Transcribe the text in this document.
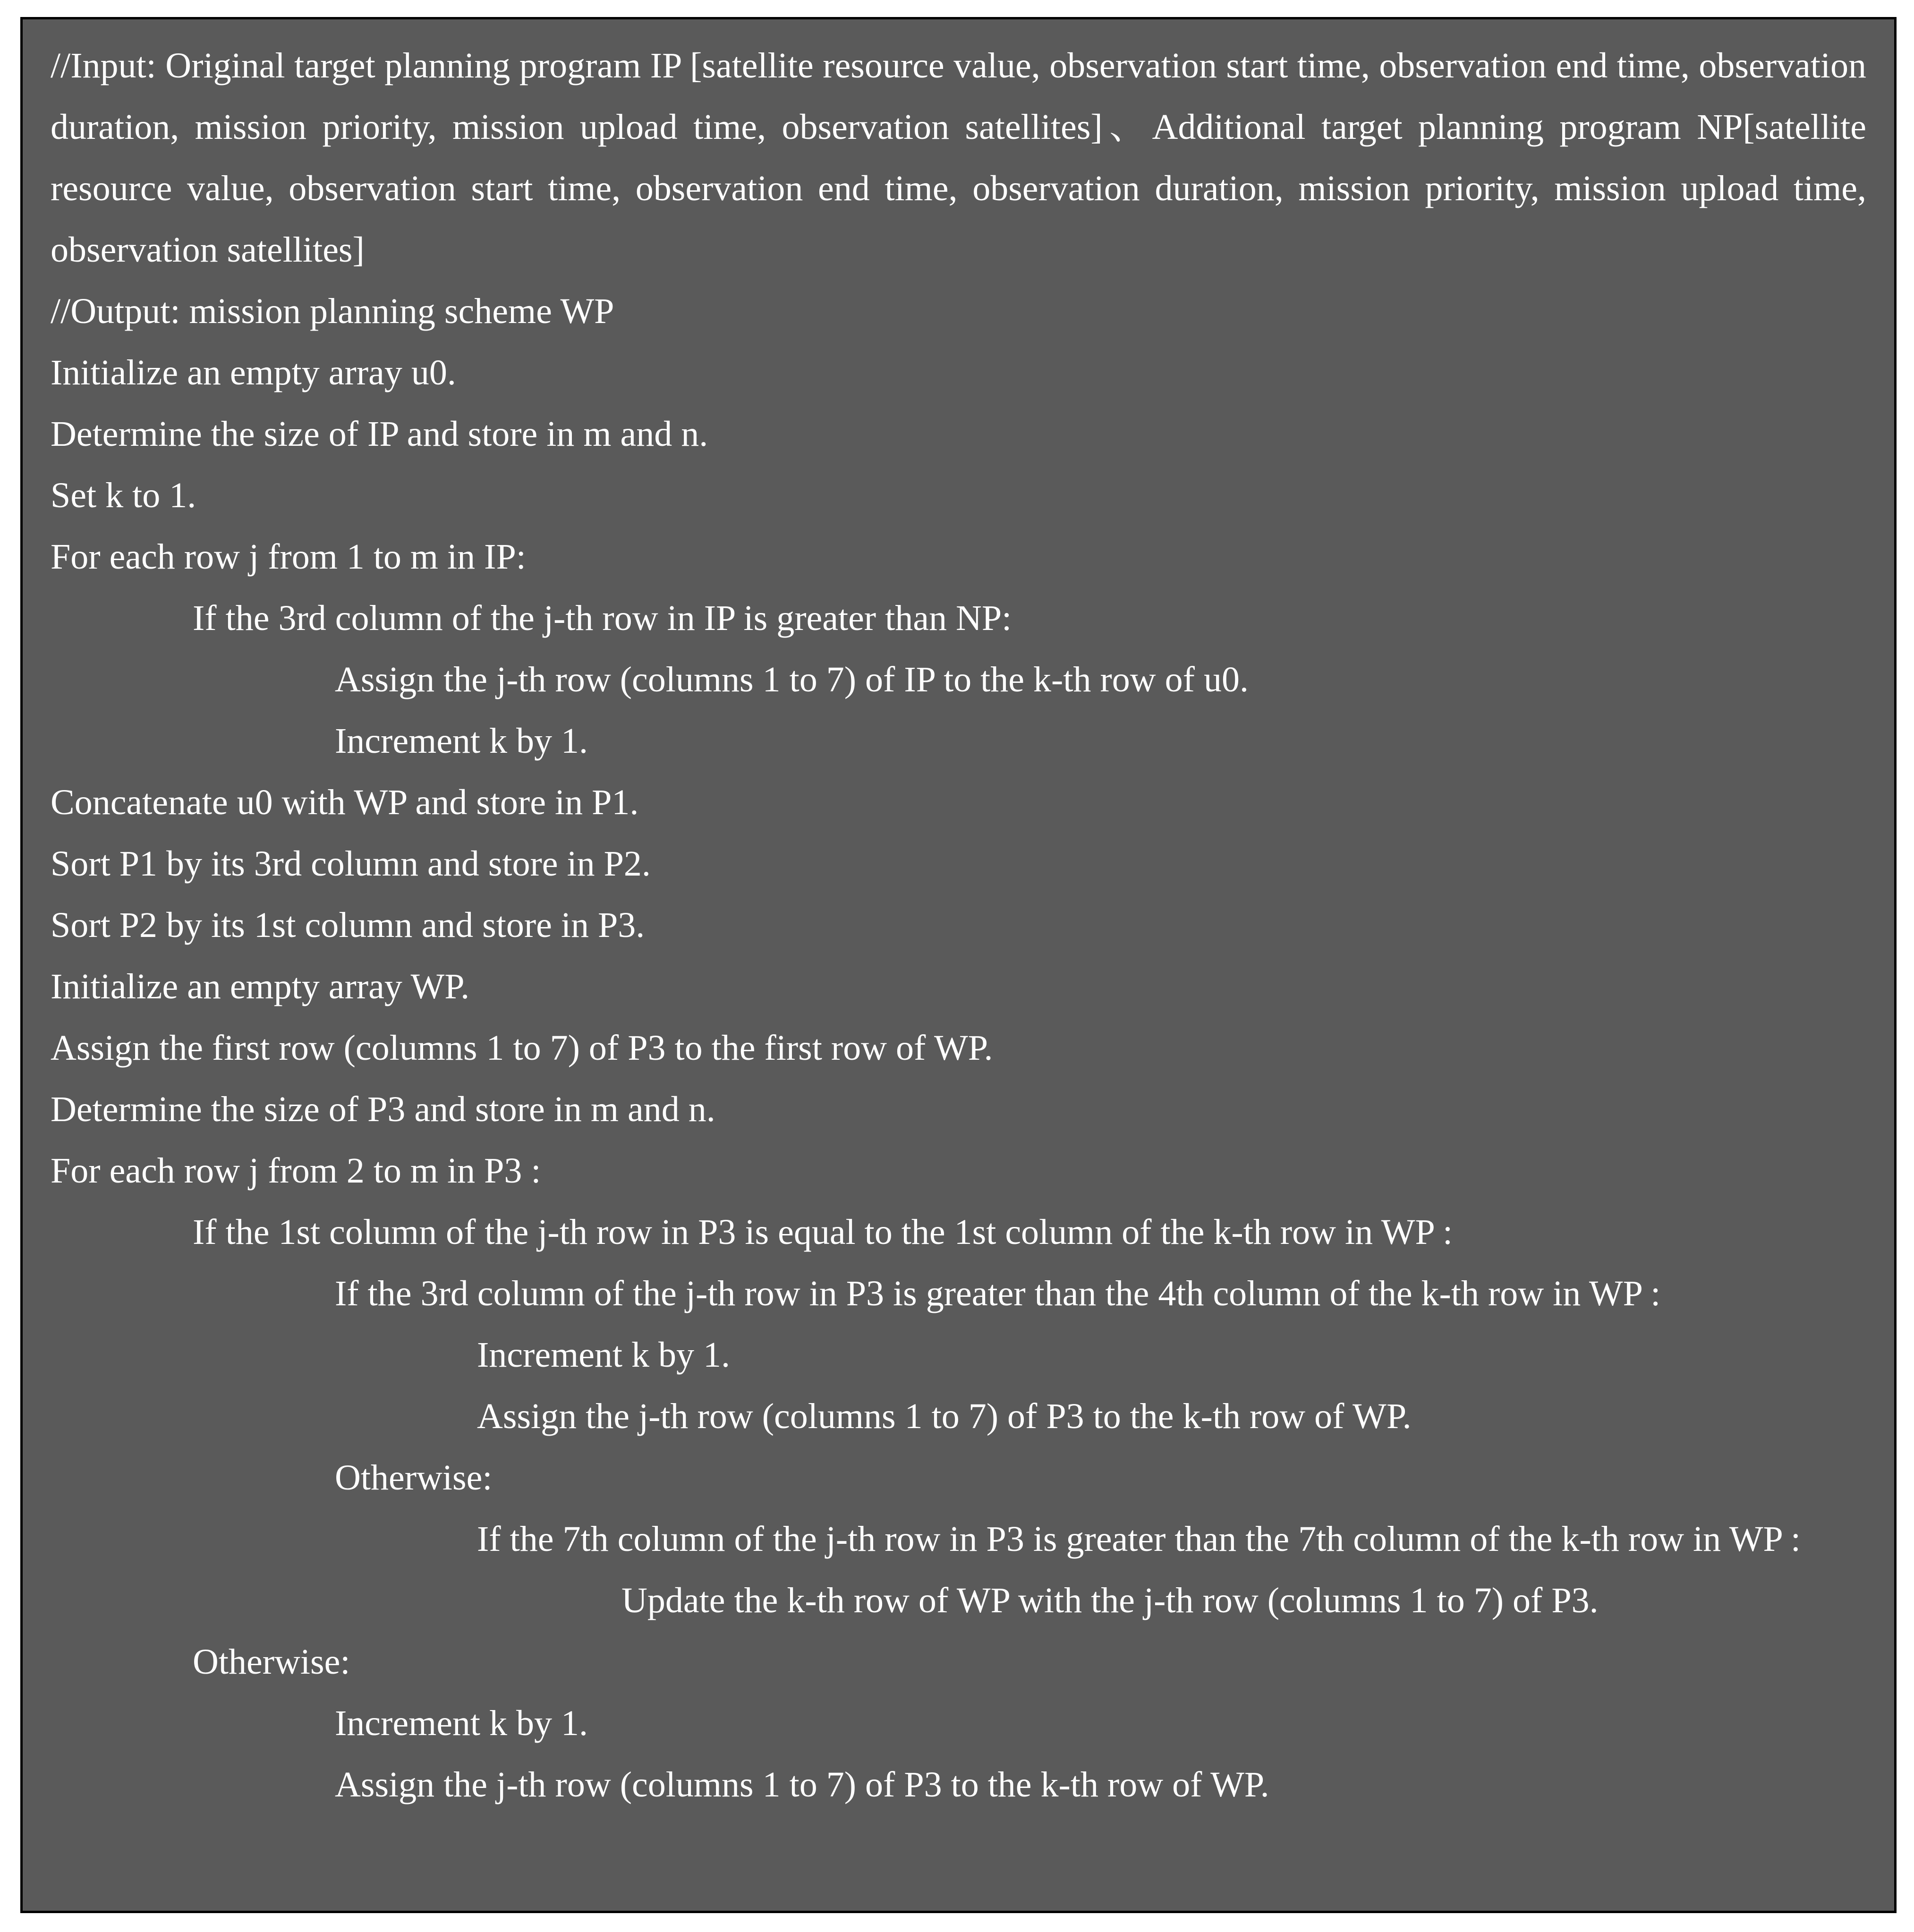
//Input: Original target planning program IP [satellite resource value, observation start time, observation end time, observation duration, mission priority, mission upload time, observation satellites]、Additional target planning program NP[satellite resource value, observation start time, observation end time, observation duration, mission priority, mission upload time, observation satellites]

//Output: mission planning scheme WP

Initialize an empty array u0.

Determine the size of IP and store in m and n.

Set k to 1.

For each row j from 1 to m in IP:

If the 3rd column of the j-th row in IP is greater than NP:

Assign the j-th row (columns 1 to 7) of IP to the k-th row of u0.

Increment k by 1.

Concatenate u0 with WP and store in P1.

Sort P1 by its 3rd column and store in P2.

Sort P2 by its 1st column and store in P3.

Initialize an empty array WP.

Assign the first row (columns 1 to 7) of P3 to the first row of WP.

Determine the size of P3 and store in m and n.

For each row j from 2 to m in P3 :

If the 1st column of the j-th row in P3 is equal to the 1st column of the k-th row in WP :

If the 3rd column of the j-th row in P3 is greater than the 4th column of the k-th row in WP :

Increment k by 1.

Assign the j-th row (columns 1 to 7) of P3 to the k-th row of WP.

Otherwise:

If the 7th column of the j-th row in P3 is greater than the 7th column of the k-th row in WP :

Update the k-th row of WP with the j-th row (columns 1 to 7) of P3.

Otherwise:

Increment k by 1.

Assign the j-th row (columns 1 to 7) of P3 to the k-th row of WP.
